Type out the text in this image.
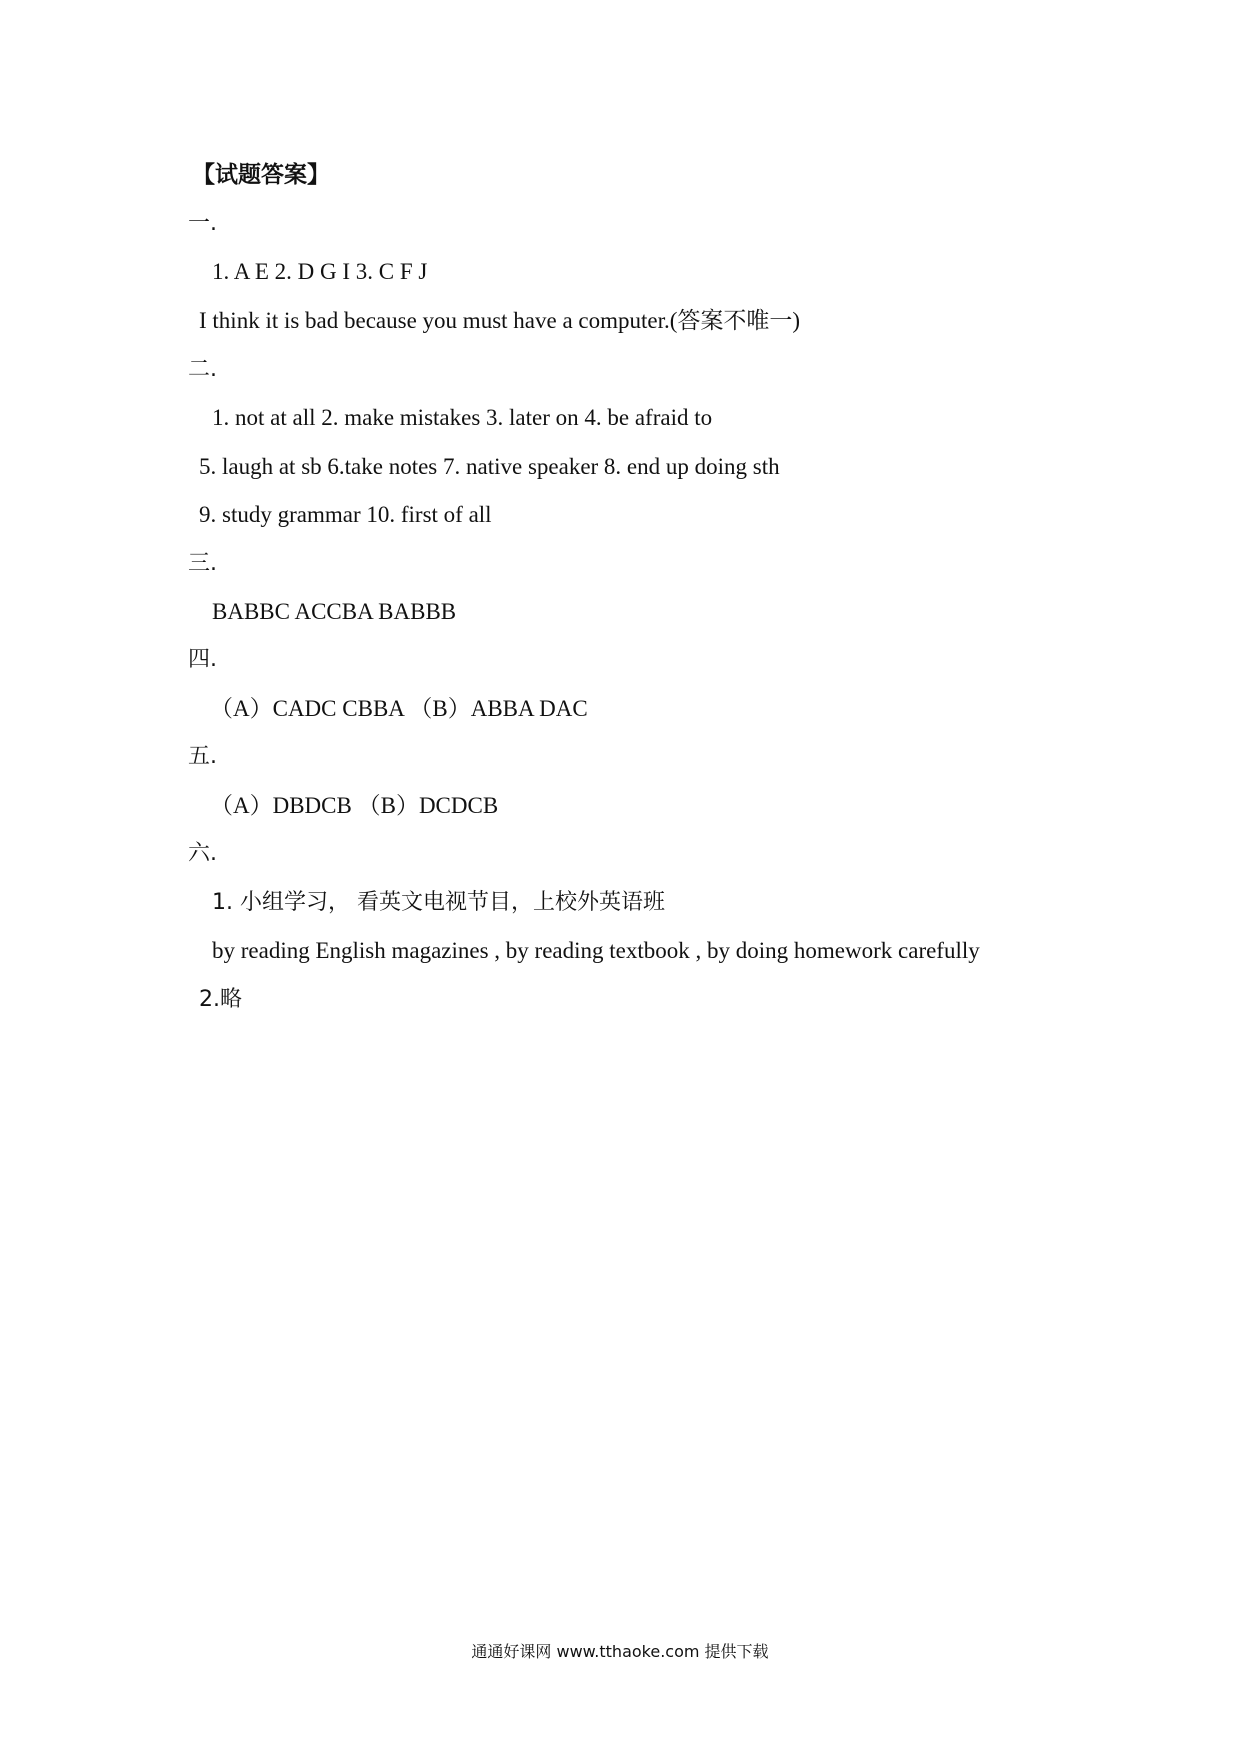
【试题答案】
一.
1. A E 2. D G I 3. C F J
I think it is bad because you must have a computer.(答案不唯一)
二.
1. not at all 2. make mistakes 3. later on 4. be afraid to
5. laugh at sb 6.take notes 7. native speaker 8. end up doing sth
9. study grammar 10. first of all
三.
BABBC ACCBA BABBB
四.
（A）CADC CBBA （B）ABBA DAC
五.
（A）DBDCB （B）DCDCB
六.
1. 小组学习， 看英文电视节目，上校外英语班
by reading English magazines , by reading textbook , by doing homework carefully
2.略
通通好课网 www.tthaoke.com 提供下载
